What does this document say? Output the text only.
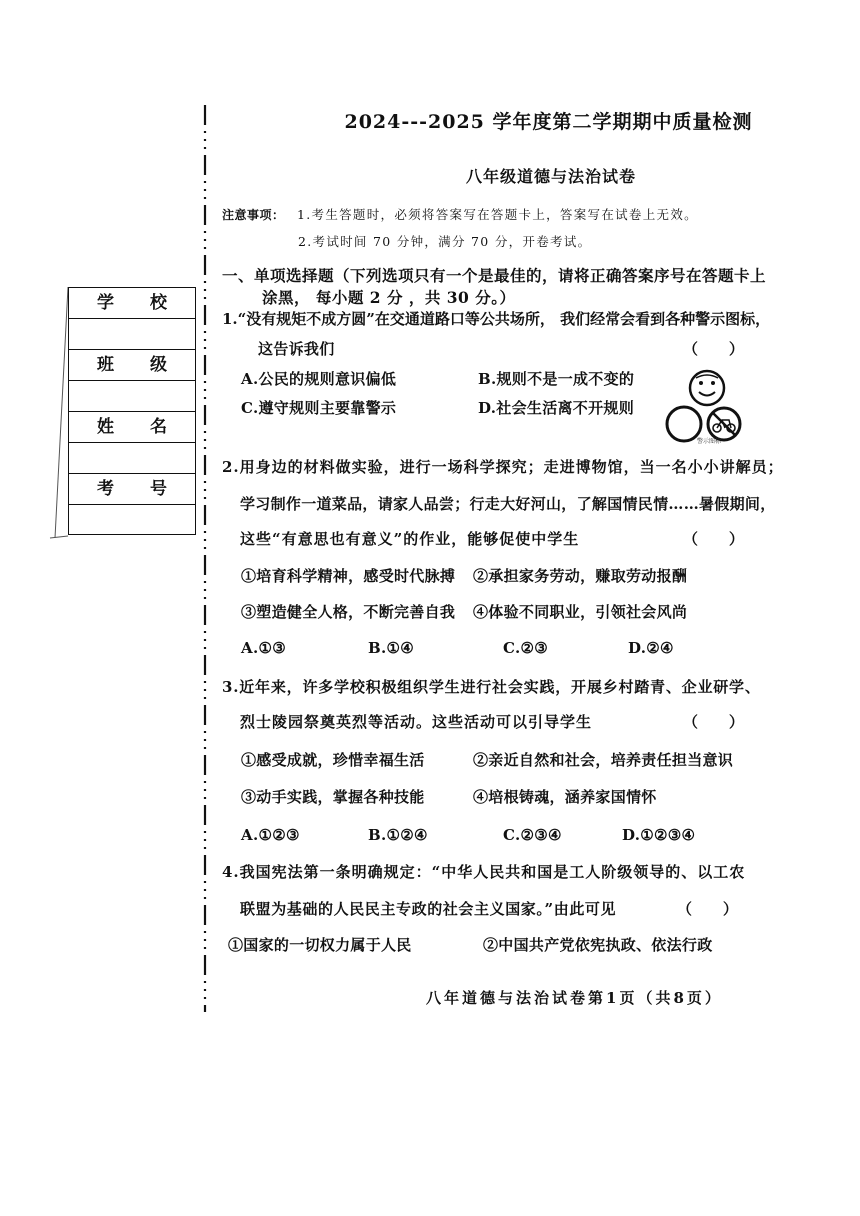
2024---2025 学年度第二学期期中质量检测
八年级道德与法治试卷
注意事项： 1.考生答题时，必须将答案写在答题卡上，答案写在试卷上无效。
2.考试时间 70 分钟，满分 70 分，开卷考试。
学校
班级
姓名
考号
一、单项选择题（下列选项只有一个是最佳的，请将正确答案序号在答题卡上
涂黑， 每小题 2 分 ，共 30 分。）
1.“没有规矩不成方圆”在交通道路口等公共场所， 我们经常会看到各种警示图标，
这告诉我们	（　　）
A.公民的规则意识偏低	B.规则不是一成不变的
C.遵守规则主要靠警示	D.社会生活离不开规则
警示图标
2.用身边的材料做实验，进行一场科学探究；走进博物馆，当一名小小讲解员；
学习制作一道菜品，请家人品尝；行走大好河山，了解国情民情……暑假期间，
这些“有意思也有意义”的作业，能够促使中学生	（　　）
①培育科学精神，感受时代脉搏 ②承担家务劳动，赚取劳动报酬
③塑造健全人格，不断完善自我 ④体验不同职业，引领社会风尚
A.①③	B.①④	C.②③	D.②④
3.近年来，许多学校积极组织学生进行社会实践，开展乡村踏青、企业研学、
烈士陵园祭奠英烈等活动。这些活动可以引导学生	（　　）
①感受成就，珍惜幸福生活	②亲近自然和社会，培养责任担当意识
③动手实践，掌握各种技能	④培根铸魂，涵养家国情怀
A.①②③	B.①②④	C.②③④	D.①②③④
4.我国宪法第一条明确规定：“中华人民共和国是工人阶级领导的、以工农
联盟为基础的人民民主专政的社会主义国家。”由此可见	（　　）
①国家的一切权力属于人民	②中国共产党依宪执政、依法行政
八年道德与法治试卷第1页（共8页）
